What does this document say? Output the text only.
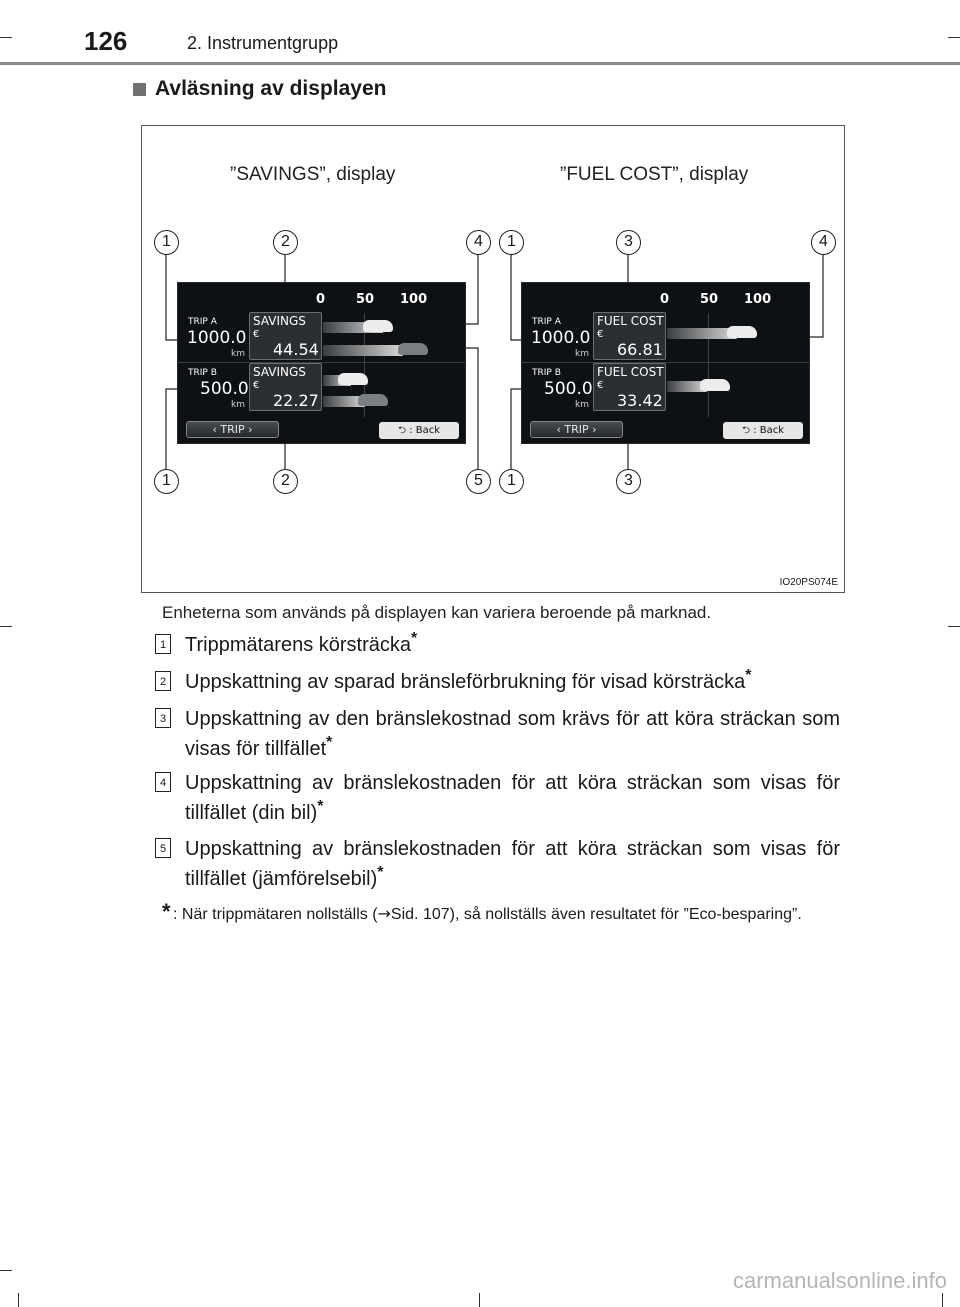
126	2. Instrumentgrupp
Avläsning av displayen
”SAVINGS”, display	”FUEL COST”, display
1	2	4	1	3	4
1	2	5	1	3
0 50 100
TRIP A
1000.0
km
SAVINGS
€
44.54
TRIP B
500.0
km
SAVINGS
€
22.27
‹ TRIP ›	⮌ : Back
0 50 100
TRIP A
1000.0
km
FUEL COST
€
66.81
TRIP B
500.0
km
FUEL COST
€
33.42
‹ TRIP ›	⮌ : Back
IO20PS074E
Enheterna som används på displayen kan variera beroende på marknad.
1 Trippmätarens körsträcka*
2 Uppskattning av sparad bränsleförbrukning för visad körsträcka*
3 Uppskattning av den bränslekostnad som krävs för att köra sträckan som visas för tillfället*
4 Uppskattning av bränslekostnaden för att köra sträckan som visas för tillfället (din bil)*
5 Uppskattning av bränslekostnaden för att köra sträckan som visas för tillfället (jämförelsebil)*
* : När trippmätaren nollställs (→Sid. 107), så nollställs även resultatet för ”Eco-besparing”.
carmanualsonline.info
